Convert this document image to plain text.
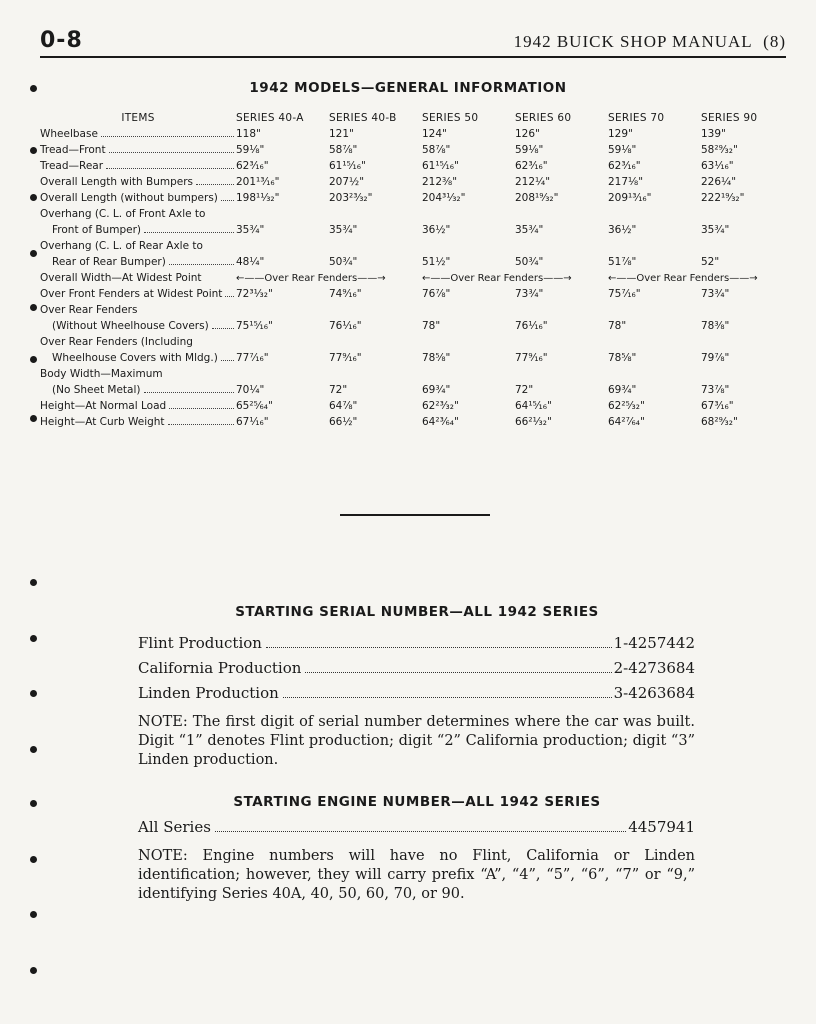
0-8	1942 BUICK SHOP MANUAL (8)
1942 MODELS—GENERAL INFORMATION
ITEMS	SERIES 40-A	SERIES 40-B	SERIES 50	SERIES 60	SERIES 70	SERIES 90

Wheelbase	118"	121"	124"	126"	129"	139"

Tread—Front	59⅛"	58⅞"	58⅞"	59⅛"	59⅛"	58²⁹⁄₃₂"

Tread—Rear	62³⁄₁₆"	61¹⁵⁄₁₆"	61¹⁵⁄₁₆"	62³⁄₁₆"	62³⁄₁₆"	63¹⁄₁₆"

Overall Length with Bumpers	201¹³⁄₁₆"	207½"	212⅜"	212¼"	217⅛"	226¼"

Overall Length (without bumpers)	198¹¹⁄₃₂"	203²³⁄₃₂"	204³¹⁄₃₂"	208¹⁹⁄₃₂"	209¹³⁄₁₆"	222¹⁹⁄₃₂"
Overhang (C. L. of Front Axle to						

Front of Bumper)	35¾"	35¾"	36½"	35¾"	36½"	35¾"
Overhang (C. L. of Rear Axle to						

Rear of Rear Bumper)	48¼"	50¾"	51½"	50¾"	51⅞"	52"

Overall Width—At Widest Point	←——Over Rear Fenders——→		←——Over Rear Fenders——→		←——Over Rear Fenders——→	

Over Front Fenders at Widest Point	72³¹⁄₃₂"	74⁹⁄₁₆"	76⅞"	73¾"	75⁷⁄₁₆"	73¾"
Over Rear Fenders						

(Without Wheelhouse Covers)	75¹⁵⁄₁₆"	76¹⁄₁₆"	78"	76¹⁄₁₆"	78"	78⅜"
Over Rear Fenders (Including						

Wheelhouse Covers with Mldg.)	77⁷⁄₁₆"	77⁹⁄₁₆"	78⅝"	77⁹⁄₁₆"	78⅝"	79⅞"
Body Width—Maximum						

(No Sheet Metal)	70¼"	72"	69¾"	72"	69¾"	73⅞"

Height—At Normal Load	65²⁵⁄₆₄"	64⅞"	62²³⁄₃₂"	64¹⁵⁄₁₆"	62²⁵⁄₃₂"	67³⁄₁₆"

Height—At Curb Weight	67¹⁄₁₆"	66½"	64²³⁄₆₄"	66²¹⁄₃₂"	64²⁷⁄₆₄"	68²⁹⁄₃₂"
STARTING SERIAL NUMBER—ALL 1942 SERIES
Flint Production	1-4257442
California Production	2-4273684
Linden Production	3-4263684
NOTE: The first digit of serial number determines where the car was built. Digit “1” denotes Flint production; digit “2” California production; digit “3” Linden production.
STARTING ENGINE NUMBER—ALL 1942 SERIES
All Series	4457941
NOTE: Engine numbers will have no Flint, California or Linden identification; however, they will carry prefix “A”, “4”, “5”, “6”, “7” or “9,” identifying Series 40A, 40, 50, 60, 70, or 90.
